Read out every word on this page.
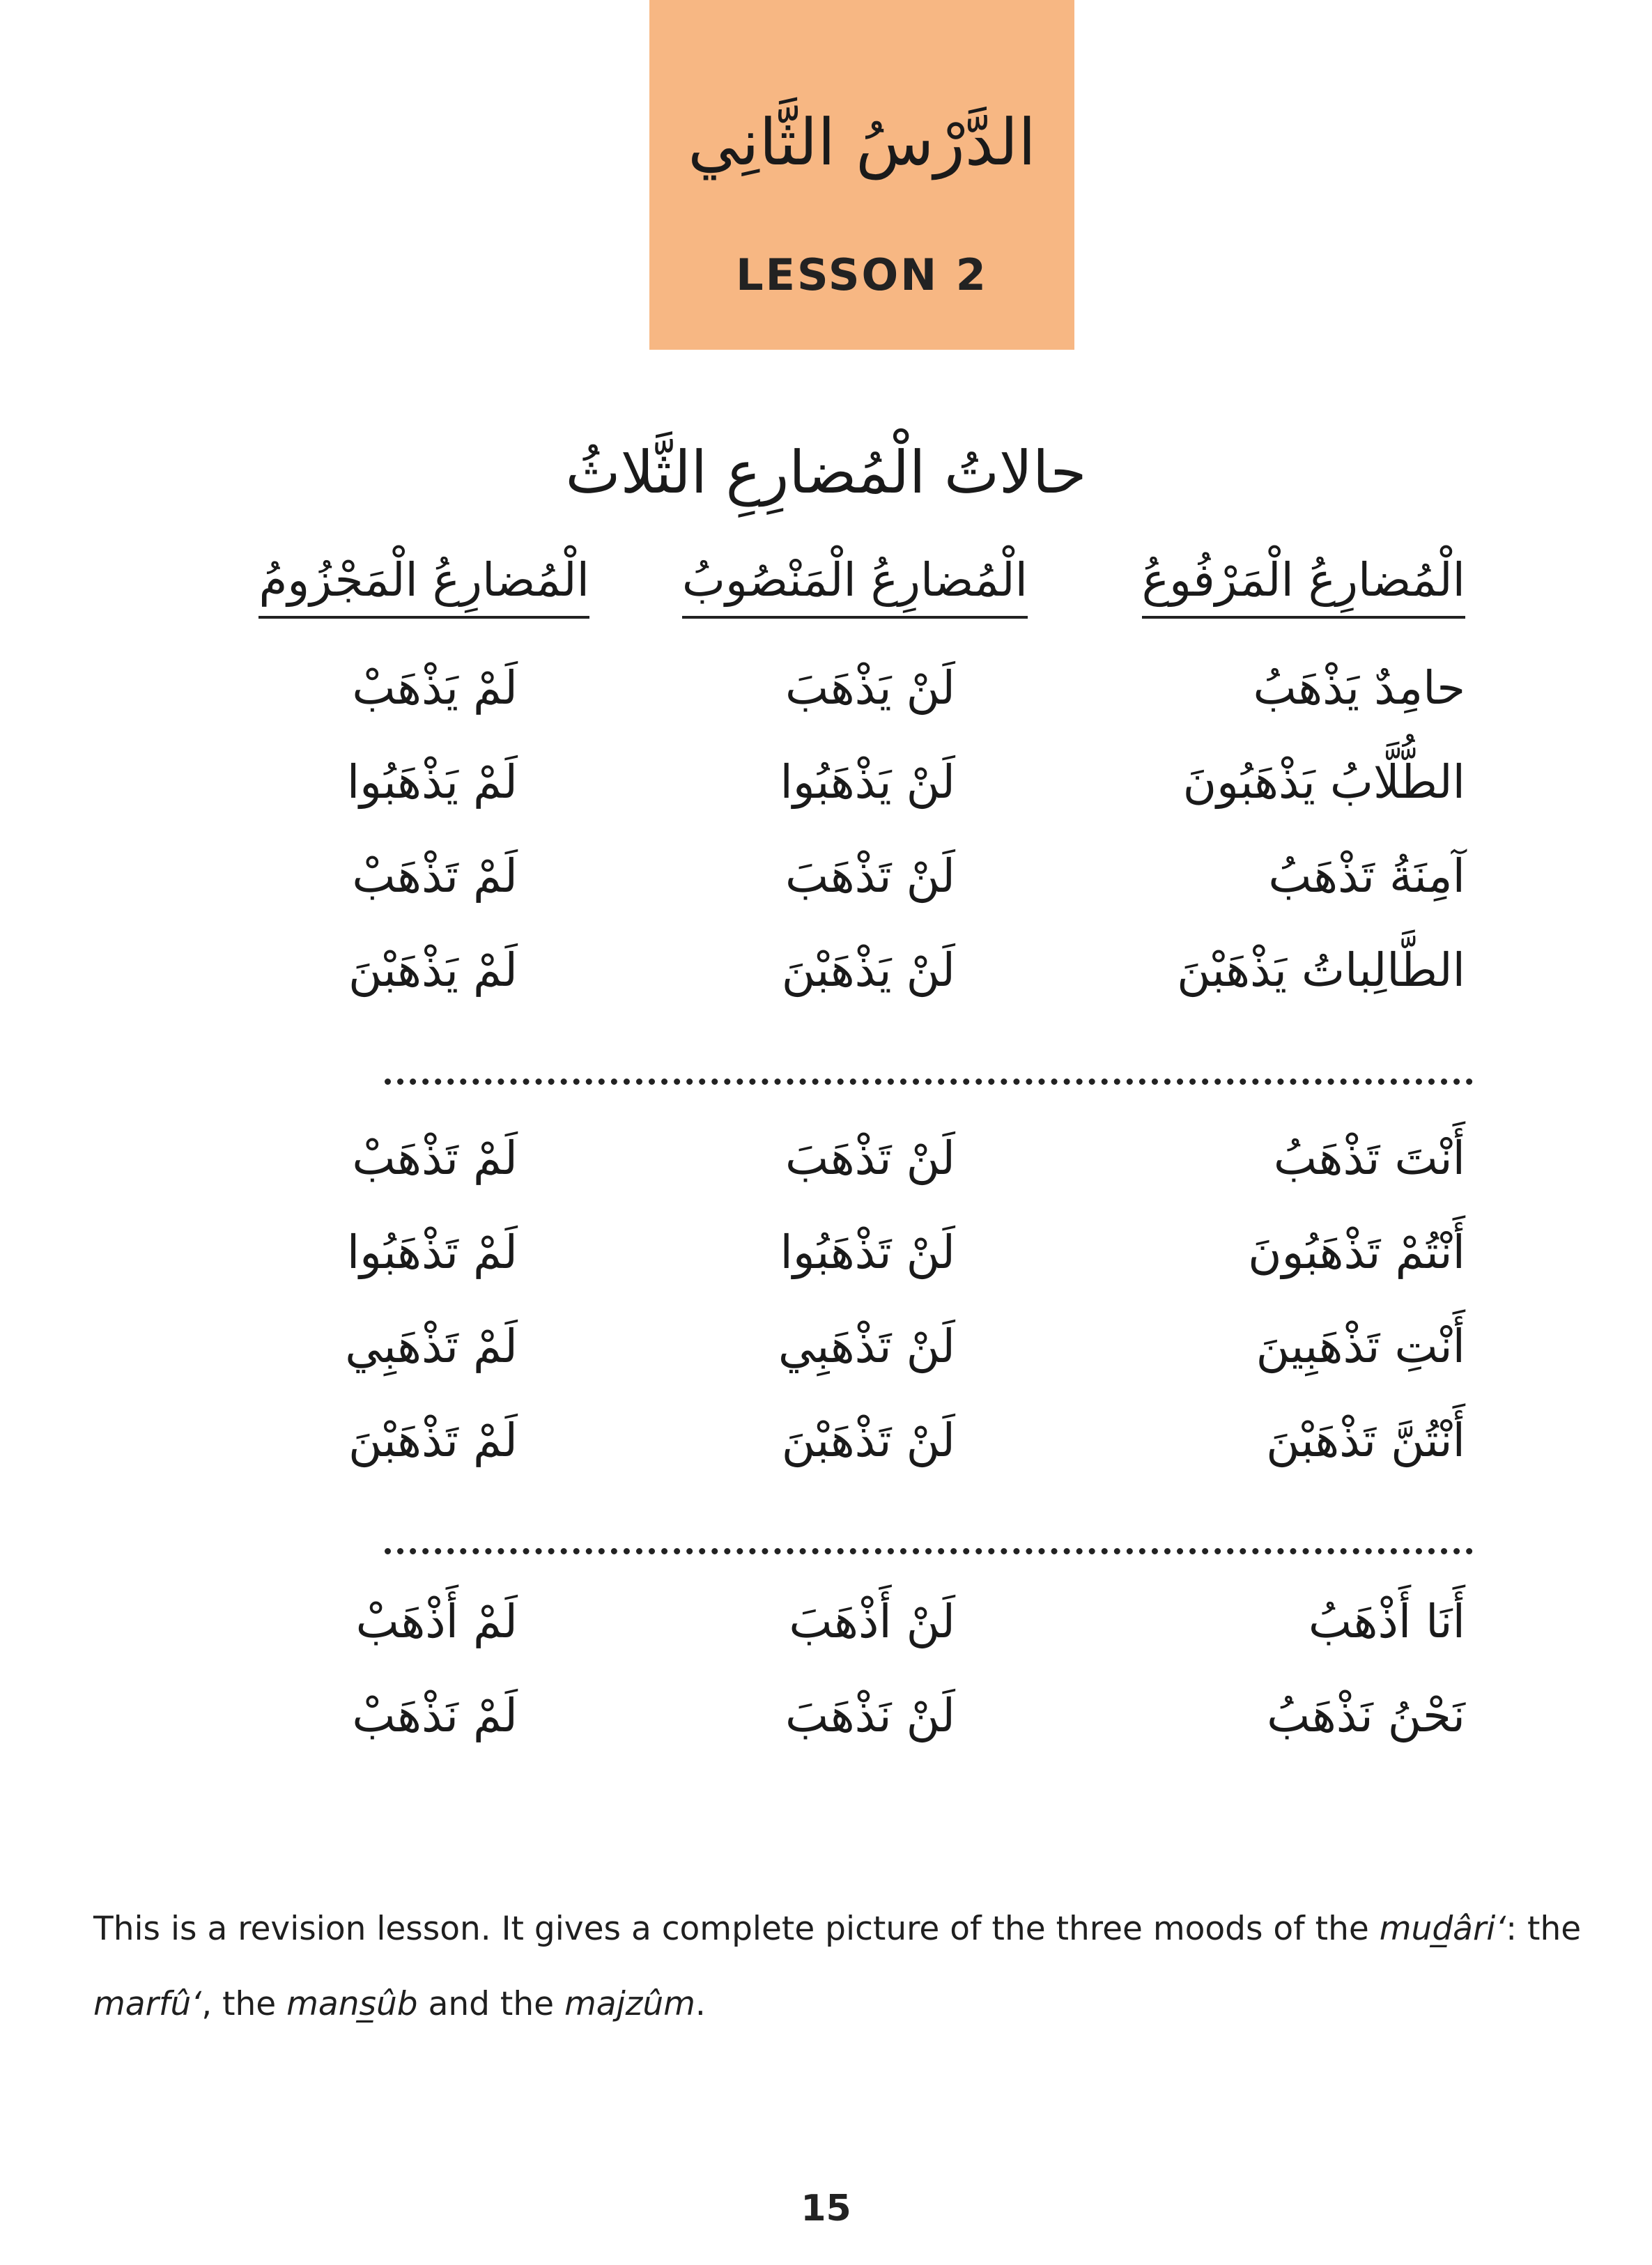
الدَّرْسُ الثَّانِي
LESSON 2
حالاتُ الْمُضارِعِ الثَّلاثُ
الْمُضارِعُ الْمَرْفُوعُ
الْمُضارِعُ الْمَنْصُوبُ
الْمُضارِعُ الْمَجْزُومُ
حامِدٌ يَذْهَبُ
لَنْ يَذْهَبَ
لَمْ يَذْهَبْ
الطُّلَّابُ يَذْهَبُونَ
لَنْ يَذْهَبُوا
لَمْ يَذْهَبُوا
آمِنَةُ تَذْهَبُ
لَنْ تَذْهَبَ
لَمْ تَذْهَبْ
الطَّالِباتُ يَذْهَبْنَ
لَنْ يَذْهَبْنَ
لَمْ يَذْهَبْنَ
أَنْتَ تَذْهَبُ
لَنْ تَذْهَبَ
لَمْ تَذْهَبْ
أَنْتُمْ تَذْهَبُونَ
لَنْ تَذْهَبُوا
لَمْ تَذْهَبُوا
أَنْتِ تَذْهَبِينَ
لَنْ تَذْهَبِي
لَمْ تَذْهَبِي
أَنْتُنَّ تَذْهَبْنَ
لَنْ تَذْهَبْنَ
لَمْ تَذْهَبْنَ
أَنَا أَذْهَبُ
لَنْ أَذْهَبَ
لَمْ أَذْهَبْ
نَحْنُ نَذْهَبُ
لَنْ نَذْهَبَ
لَمْ نَذْهَبْ
This is a revision lesson. It gives a complete picture of the three moods of the mud̲âri‘: the marfû‘, the mans̲ûb and the majzûm.
15
